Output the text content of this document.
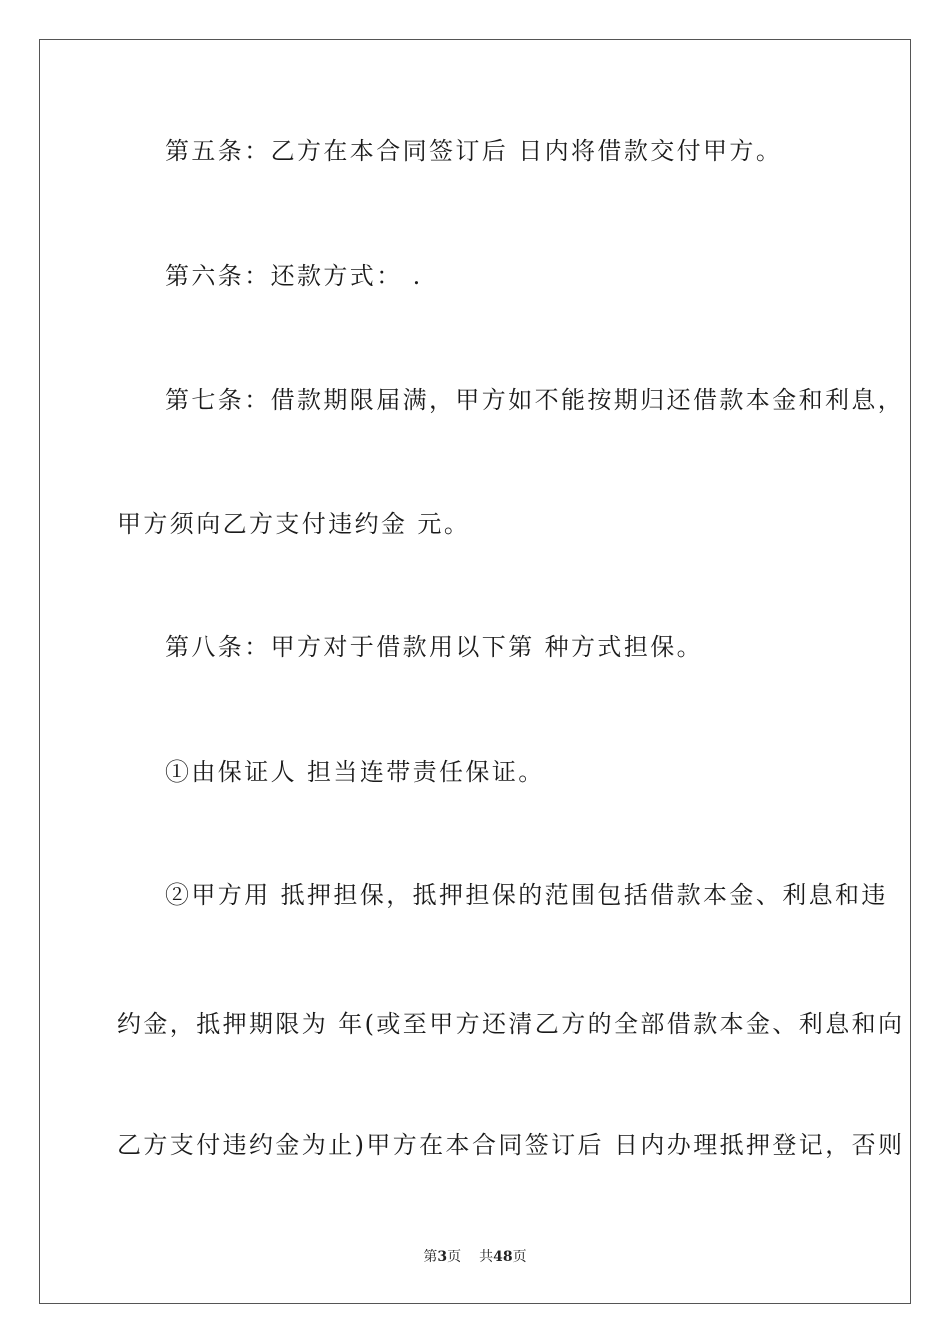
第五条：乙方在本合同签订后 日内将借款交付甲方。
第六条：还款方式： .
第七条：借款期限届满，甲方如不能按期归还借款本金和利息，
甲方须向乙方支付违约金 元。
第八条：甲方对于借款用以下第 种方式担保。
①由保证人 担当连带责任保证。
②甲方用 抵押担保，抵押担保的范围包括借款本金、利息和违
约金，抵押期限为 年(或至甲方还清乙方的全部借款本金、利息和向
乙方支付违约金为止)甲方在本合同签订后 日内办理抵押登记，否则
第3页 共48页
